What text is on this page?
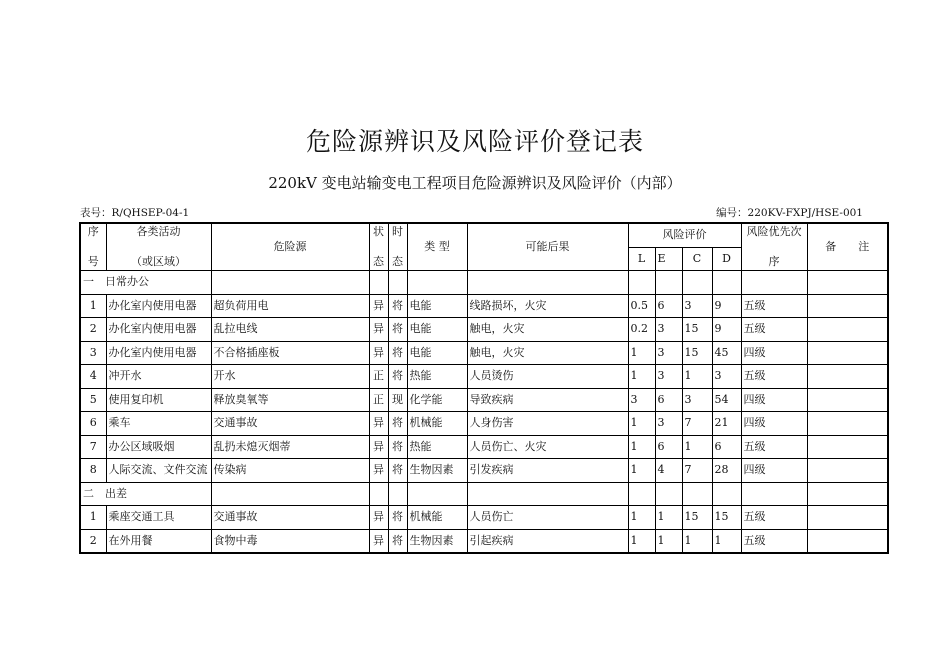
危险源辨识及风险评价登记表
220kV 变电站输变电工程项目危险源辨识及风险评价（内部）
表号：R/QHSEP-04-1	编号：220KV-FXPJ/HSE-001
序
号	各类活动
（或区域）	危险源	状
态	时
态	类 型	可能后果	风险评价				风险优先次
序	备　　注
							L	E	C	D		
一　日常办公												
1	办化室内使用电器	超负荷用电	异	将	电能	线路损坏，火灾	0.5	6	3	9	五级	
2	办化室内使用电器	乱拉电线	异	将	电能	触电，火灾	0.2	3	15	9	五级	
3	办化室内使用电器	不合格插座板	异	将	电能	触电，火灾	1	3	15	45	四级	
4	冲开水	开水	正	将	热能	人员烫伤	1	3	1	3	五级	
5	使用复印机	释放臭氧等	正	现	化学能	导致疾病	3	6	3	54	四级	
6	乘车	交通事故	异	将	机械能	人身伤害	1	3	7	21	四级	
7	办公区域吸烟	乱扔未熄灭烟蒂	异	将	热能	人员伤亡、火灾	1	6	1	6	五级	
8	人际交流、文件交流	传染病	异	将	生物因素	引发疾病	1	4	7	28	四级	
二　出差												
1	乘座交通工具	交通事故	异	将	机械能	人员伤亡	1	1	15	15	五级	
2	在外用餐	食物中毒	异	将	生物因素	引起疾病	1	1	1	1	五级	
